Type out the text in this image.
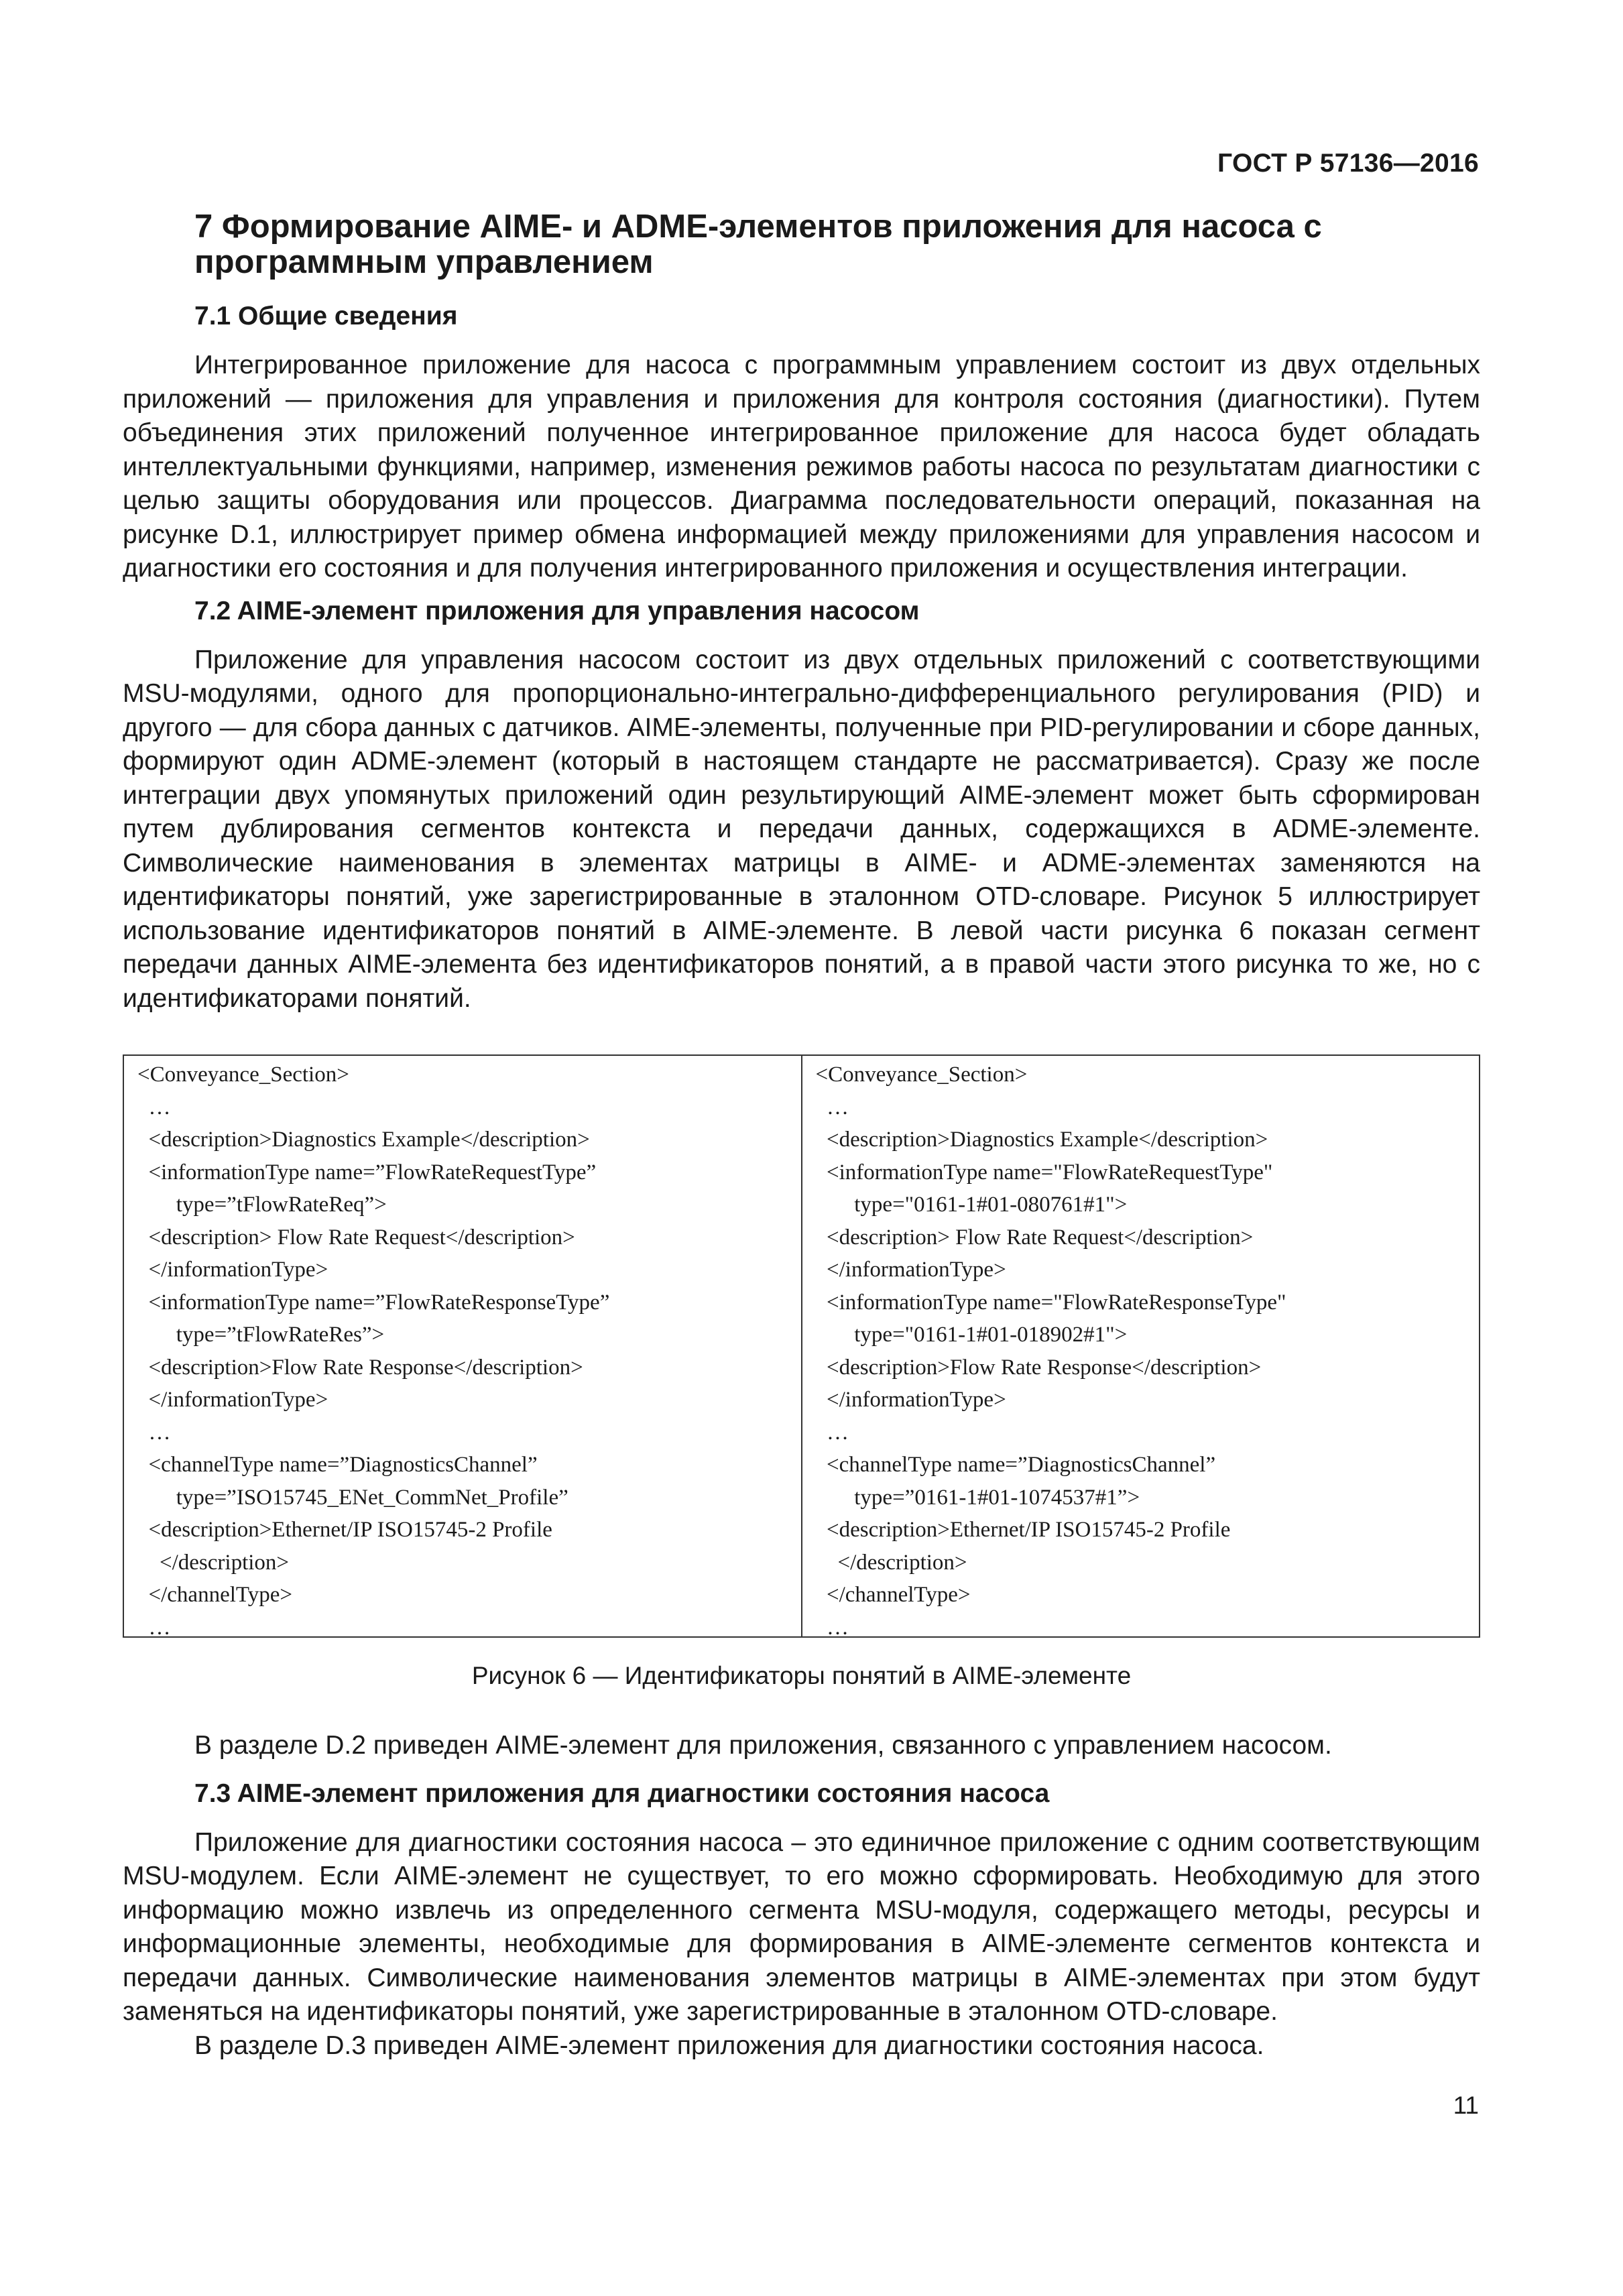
ГОСТ Р 57136—2016
7 Формирование AIME- и ADME-элементов приложения для насоса с программным управлением
7.1 Общие сведения

Интегрированное приложение для насоса с программным управлением состоит из двух отдельных приложений — приложения для управления и приложения для контроля состояния (диагностики). Путем объединения этих приложений полученное интегрированное приложение для насоса будет обладать интеллектуальными функциями, например, изменения режимов работы насоса по результатам диагностики с целью защиты оборудования или процессов. Диаграмма последовательности операций, показанная на рисунке D.1, иллюстрирует пример обмена информацией между приложениями для управления насосом и диагностики его состояния и для получения интегрированного приложения и осуществления интеграции.

7.2 AIME-элемент приложения для управления насосом

Приложение для управления насосом состоит из двух отдельных приложений с соответствующими MSU-модулями, одного для пропорционально-интегрально-дифференциального регулирования (PID) и другого — для сбора данных с датчиков. AIME-элементы, полученные при PID-регулировании и сборе данных, формируют один ADME-элемент (который в настоящем стандарте не рассматривается). Сразу же после интеграции двух упомянутых приложений один результирующий AIME-элемент может быть сформирован путем дублирования сегментов контекста и передачи данных, содержащихся в ADME-элементе. Символические наименования в элементах матрицы в AIME- и ADME-элементах заменяются на идентификаторы понятий, уже зарегистрированные в эталонном OTD-словаре. Рисунок 5 иллюстрирует использование идентификаторов понятий в AIME-элементе. В левой части рисунка 6 показан сегмент передачи данных AIME-элемента без идентификаторов понятий, а в правой части этого рисунка то же, но с идентификаторами понятий.

<Conveyance_Section>
…
<description>Diagnostics Example</description>
<informationType name=”FlowRateRequestType”
type=”tFlowRateReq”>
<description> Flow Rate Request</description>
</informationType>
<informationType name=”FlowRateResponseType”
type=”tFlowRateRes”>
<description>Flow Rate Response</description>
</informationType>
…
<channelType name=”DiagnosticsChannel”
type=”ISO15745_ENet_CommNet_Profile”
<description>Ethernet/IP ISO15745-2 Profile
</description>
</channelType>
…
<Conveyance_Section>
…
<description>Diagnostics Example</description>
<informationType name="FlowRateRequestType"
type="0161-1#01-080761#1">
<description> Flow Rate Request</description>
</informationType>
<informationType name="FlowRateResponseType"
type="0161-1#01-018902#1">
<description>Flow Rate Response</description>
</informationType>
…
<channelType name=”DiagnosticsChannel”
type=”0161-1#01-1074537#1”>
<description>Ethernet/IP ISO15745-2 Profile
</description>
</channelType>
…
Рисунок 6 — Идентификаторы понятий в AIME-элементе

В разделе D.2 приведен AIME-элемент для приложения, связанного с управлением насосом.

7.3 AIME-элемент приложения для диагностики состояния насоса

Приложение для диагностики состояния насоса – это единичное приложение с одним соответствующим MSU-модулем. Если AIME-элемент не существует, то его можно сформировать. Необходимую для этого информацию можно извлечь из определенного сегмента MSU-модуля, содержащего методы, ресурсы и информационные элементы, необходимые для формирования в AIME-элементе сегментов контекста и передачи данных. Символические наименования элементов матрицы в AIME-элементах при этом будут заменяться на идентификаторы понятий, уже зарегистрированные в эталонном OTD-словаре.

В разделе D.3 приведен AIME-элемент приложения для диагностики состояния насоса.

11
